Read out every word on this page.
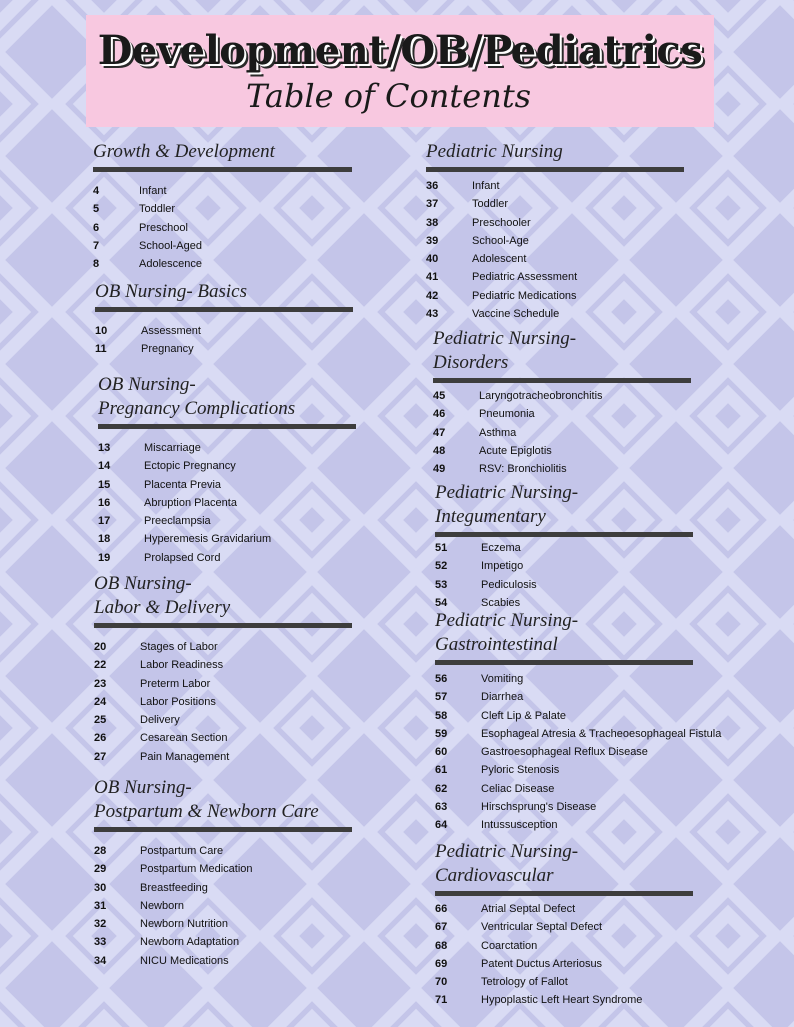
Development/OB/Pediatrics
Table of Contents
Growth & Development
4	Infant
5	Toddler
6	Preschool
7	School-Aged
8	Adolescence
OB Nursing- Basics
10	Assessment
11	Pregnancy
OB Nursing-
Pregnancy Complications
13	Miscarriage
14	Ectopic Pregnancy
15	Placenta Previa
16	Abruption Placenta
17	Preeclampsia
18	Hyperemesis Gravidarium
19	Prolapsed Cord
OB Nursing-
Labor & Delivery
20	Stages of Labor
22	Labor Readiness
23	Preterm Labor
24	Labor Positions
25	Delivery
26	Cesarean Section
27	Pain Management
OB Nursing-
Postpartum & Newborn Care
28	Postpartum Care
29	Postpartum Medication
30	Breastfeeding
31	Newborn
32	Newborn Nutrition
33	Newborn Adaptation
34	NICU Medications
Pediatric Nursing
36	Infant
37	Toddler
38	Preschooler
39	School-Age
40	Adolescent
41	Pediatric Assessment
42	Pediatric Medications
43	Vaccine Schedule
Pediatric Nursing-
Disorders
45	Laryngotracheobronchitis
46	Pneumonia
47	Asthma
48	Acute Epiglotis
49	RSV: Bronchiolitis
Pediatric Nursing-
Integumentary
51	Eczema
52	Impetigo
53	Pediculosis
54	Scabies
Pediatric Nursing-
Gastrointestinal
56	Vomiting
57	Diarrhea
58	Cleft Lip & Palate
59	Esophageal Atresia & Tracheoesophageal Fistula
60	Gastroesophageal Reflux Disease
61	Pyloric Stenosis
62	Celiac Disease
63	Hirschsprung's Disease
64	Intussusception
Pediatric Nursing-
Cardiovascular
66	Atrial Septal Defect
67	Ventricular Septal Defect
68	Coarctation
69	Patent Ductus Arteriosus
70	Tetrology of Fallot
71	Hypoplastic Left Heart Syndrome
